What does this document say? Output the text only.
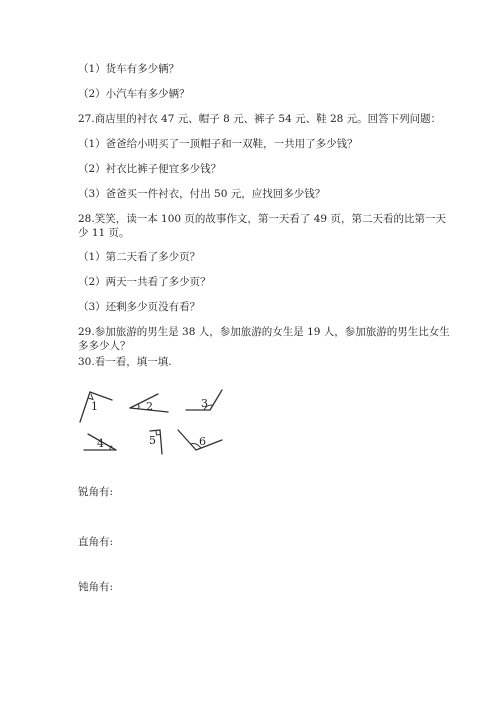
（1）货车有多少辆？
（2）小汽车有多少辆？
27.商店里的衬衣 47 元、帽子 8 元、裤子 54 元、鞋 28 元。回答下列问题：
（1）爸爸给小明买了一顶帽子和一双鞋，一共用了多少钱？
（2）衬衣比裤子便宜多少钱？
（3）爸爸买一件衬衣，付出 50 元，应找回多少钱？
28.笑笑，读一本 100 页的故事作文，第一天看了 49 页，第二天看的比第一天
少 11 页。
（1）第二天看了多少页？
（2）两天一共看了多少页？
（3）还剩多少页没有看？
29.参加旅游的男生是 38 人，参加旅游的女生是 19 人，参加旅游的男生比女生
多多少人？
30.看一看，填一填.
1	2	3
4	5	6
锐角有:
直角有:
钝角有:
